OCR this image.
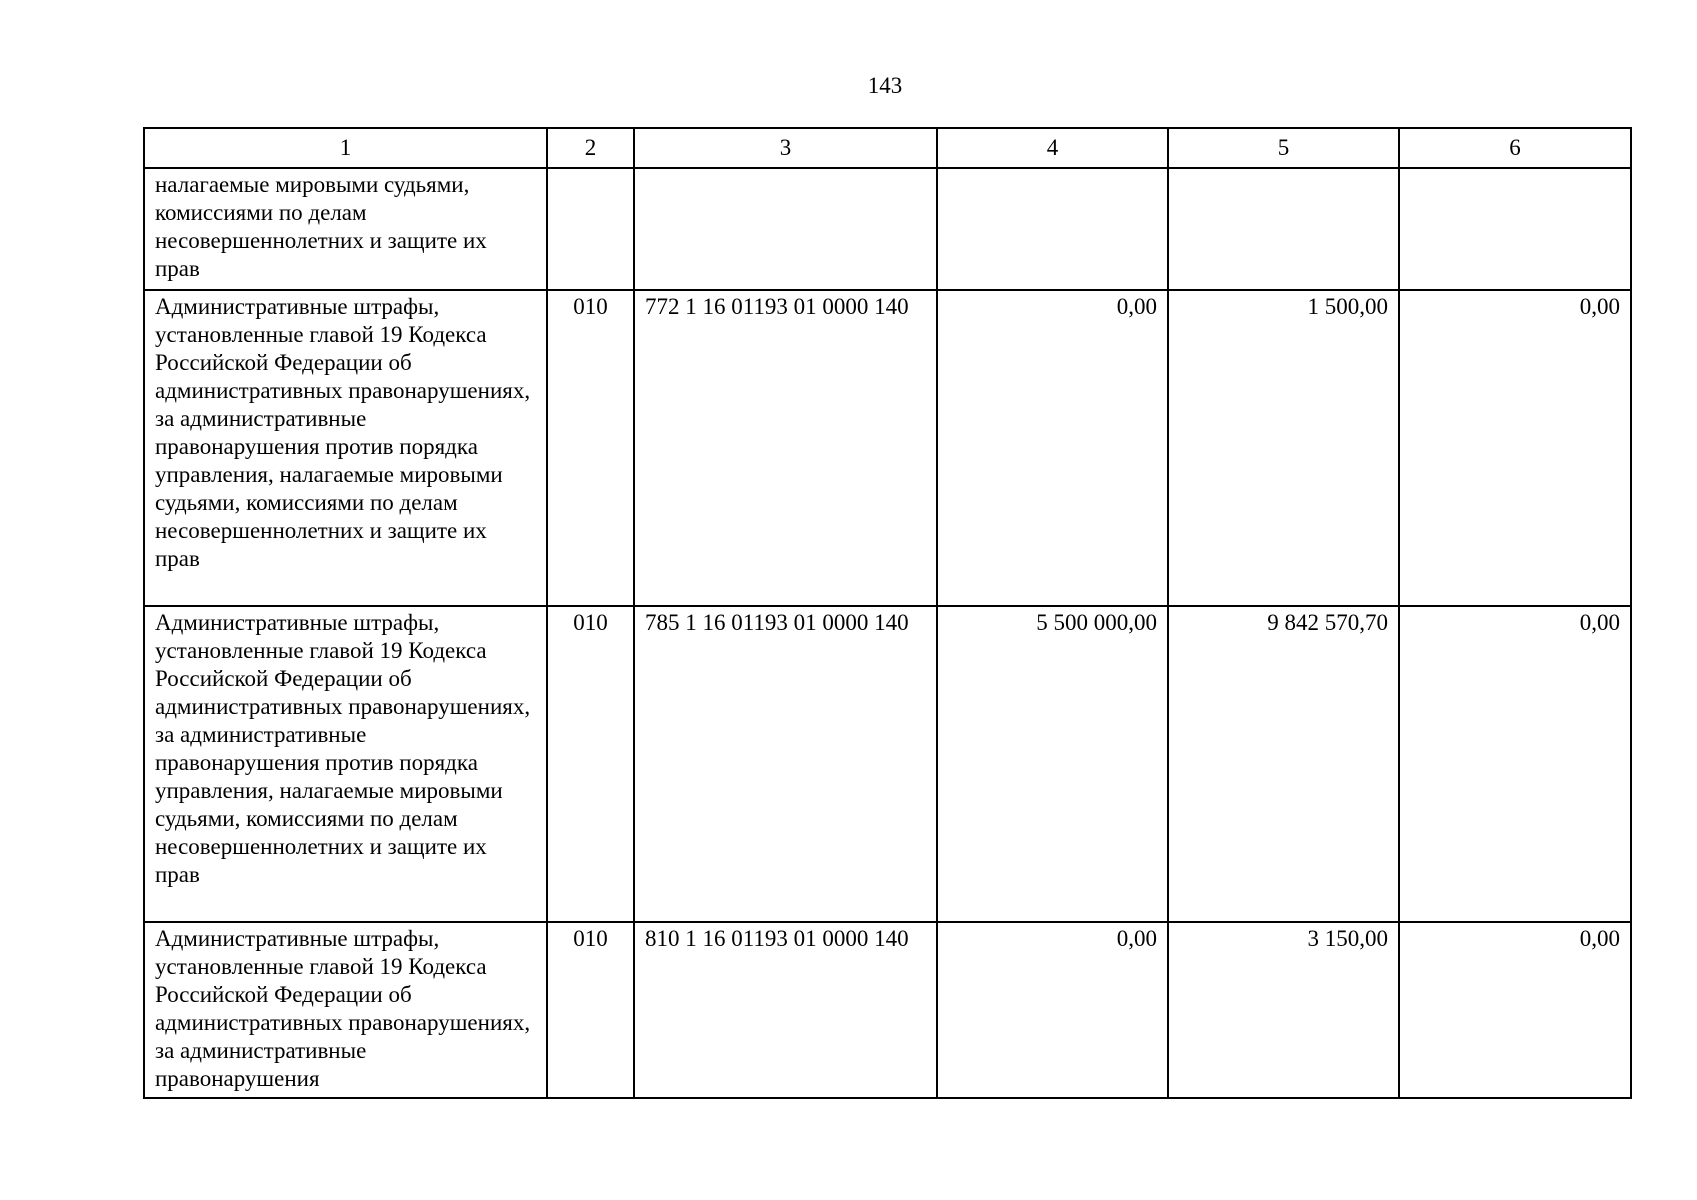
143
1	2	3	4	5	6
налагаемые мировыми судьями, комиссиями по делам несовершеннолетних и защите их прав					
Административные штрафы, установленные главой 19 Кодекса Российской Федерации об административных правонарушениях, за административные правонарушения против порядка управления, налагаемые мировыми судьями, комиссиями по делам несовершеннолетних и защите их прав	010	772 1 16 01193 01 0000 140	0,00	1 500,00	0,00
Административные штрафы, установленные главой 19 Кодекса Российской Федерации об административных правонарушениях, за административные правонарушения против порядка управления, налагаемые мировыми судьями, комиссиями по делам несовершеннолетних и защите их прав	010	785 1 16 01193 01 0000 140	5 500 000,00	9 842 570,70	0,00
Административные штрафы, установленные главой 19 Кодекса Российской Федерации об административных правонарушениях, за административные правонарушения	010	810 1 16 01193 01 0000 140	0,00	3 150,00	0,00
